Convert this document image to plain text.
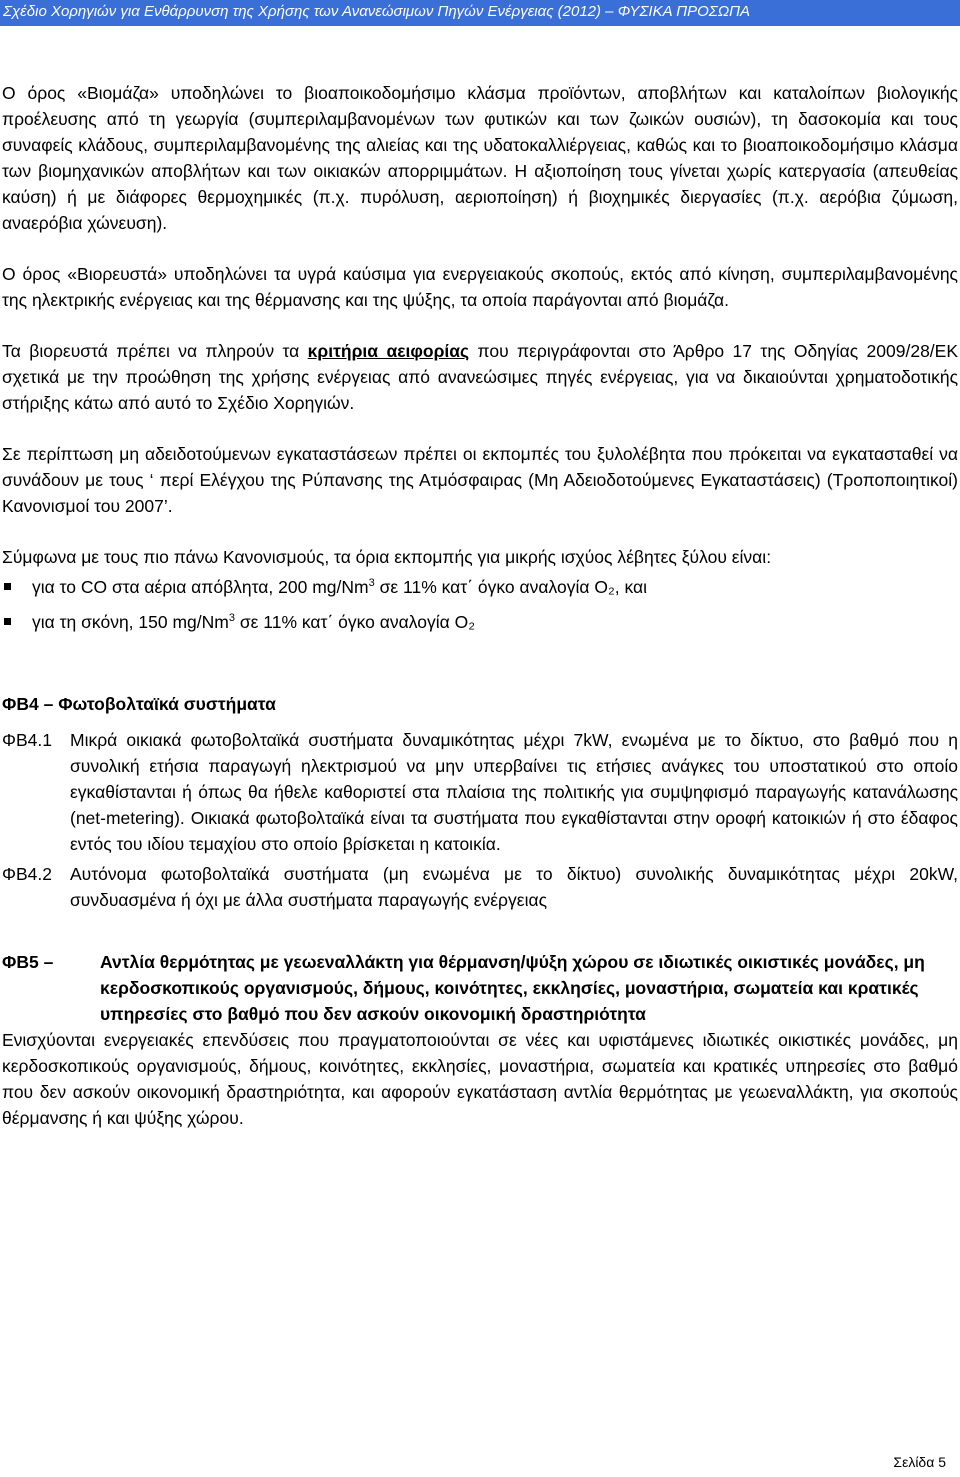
Σχέδιο Χορηγιών για Ενθάρρυνση της Χρήσης των Ανανεώσιμων Πηγών Ενέργειας (2012) – ΦΥΣΙΚΑ ΠΡΟΣΩΠΑ

Ο όρος «Βιομάζα» υποδηλώνει το βιοαποικοδομήσιμο κλάσμα προϊόντων, αποβλήτων και καταλοίπων βιολογικής προέλευσης από τη γεωργία (συμπεριλαμβανομένων των φυτικών και των ζωικών ουσιών), τη δασοκομία και τους συναφείς κλάδους, συμπεριλαμβανομένης της αλιείας και της υδατοκαλλιέργειας, καθώς και το βιοαποικοδομήσιμο κλάσμα των βιομηχανικών αποβλήτων και των οικιακών απορριμμάτων. Η αξιοποίηση τους γίνεται χωρίς κατεργασία (απευθείας καύση) ή με διάφορες θερμοχημικές (π.χ. πυρόλυση, αεριοποίηση) ή βιοχημικές διεργασίες (π.χ. αερόβια ζύμωση, αναερόβια χώνευση).

Ο όρος «Βιορευστά» υποδηλώνει τα υγρά καύσιμα για ενεργειακούς σκοπούς, εκτός από κίνηση, συμπεριλαμβανομένης της ηλεκτρικής ενέργειας και της θέρμανσης και της ψύξης, τα οποία παράγονται από βιομάζα.

Τα βιορευστά πρέπει να πληρούν τα κριτήρια αειφορίας που περιγράφονται στο Άρθρο 17 της Οδηγίας 2009/28/ΕΚ σχετικά με την προώθηση της χρήσης ενέργειας από ανανεώσιμες πηγές ενέργειας, για να δικαιούνται χρηματοδοτικής στήριξης κάτω από αυτό το Σχέδιο Χορηγιών.

Σε περίπτωση μη αδειδοτούμενων εγκαταστάσεων πρέπει οι εκπομπές του ξυλολέβητα που πρόκειται να εγκατασταθεί να συνάδουν με τους ‘ περί Ελέγχου της Ρύπανσης της Ατμόσφαιρας (Μη Αδειοδοτούμενες Εγκαταστάσεις) (Τροποποιητικοί) Κανονισμοί του 2007’.

Σύμφωνα με τους πιο πάνω Κανονισμούς, τα όρια εκπομπής για μικρής ισχύος λέβητες ξύλου είναι:

για το CO στα αέρια απόβλητα, 200 mg/Nm$^3$ σε 11% κατ΄ όγκο αναλογία O₂, και
για τη σκόνη, 150 mg/Nm$^3$ σε 11% κατ΄ όγκο αναλογία O₂
ΦΒ4 – Φωτοβολταϊκά συστήματα
ΦΒ4.1	Μικρά οικιακά φωτοβολταϊκά συστήματα δυναμικότητας μέχρι 7kW, ενωμένα με το δίκτυο, στο βαθμό που η συνολική ετήσια παραγωγή ηλεκτρισμού να μην υπερβαίνει τις ετήσιες ανάγκες του υποστατικού στο οποίο εγκαθίστανται ή όπως θα ήθελε καθοριστεί στα πλαίσια της πολιτικής για συμψηφισμό παραγωγής κατανάλωσης (net-metering). Οικιακά φωτοβολταϊκά είναι τα συστήματα που εγκαθίστανται στην οροφή κατοικιών ή στο έδαφος εντός του ιδίου τεμαχίου στο οποίο βρίσκεται η κατοικία.
ΦΒ4.2	Αυτόνομα φωτοβολταϊκά συστήματα (μη ενωμένα με το δίκτυο) συνολικής δυναμικότητας μέχρι 20kW, συνδυασμένα ή όχι με άλλα συστήματα παραγωγής ενέργειας
ΦΒ5 –	Αντλία θερμότητας με γεωεναλλάκτη για θέρμανση/ψύξη χώρου σε ιδιωτικές οικιστικές μονάδες, μη κερδοσκοπικούς οργανισμούς, δήμους, κοινότητες, εκκλησίες, μοναστήρια, σωματεία και κρατικές υπηρεσίες στο βαθμό που δεν ασκούν οικονομική δραστηριότητα

Ενισχύονται ενεργειακές επενδύσεις που πραγματοποιούνται σε νέες και υφιστάμενες ιδιωτικές οικιστικές μονάδες, μη κερδοσκοπικούς οργανισμούς, δήμους, κοινότητες, εκκλησίες, μοναστήρια, σωματεία και κρατικές υπηρεσίες στο βαθμό που δεν ασκούν οικονομική δραστηριότητα, και αφορούν εγκατάσταση αντλία θερμότητας με γεωεναλλάκτη, για σκοπούς θέρμανσης ή και ψύξης χώρου.

Σελίδα 5
